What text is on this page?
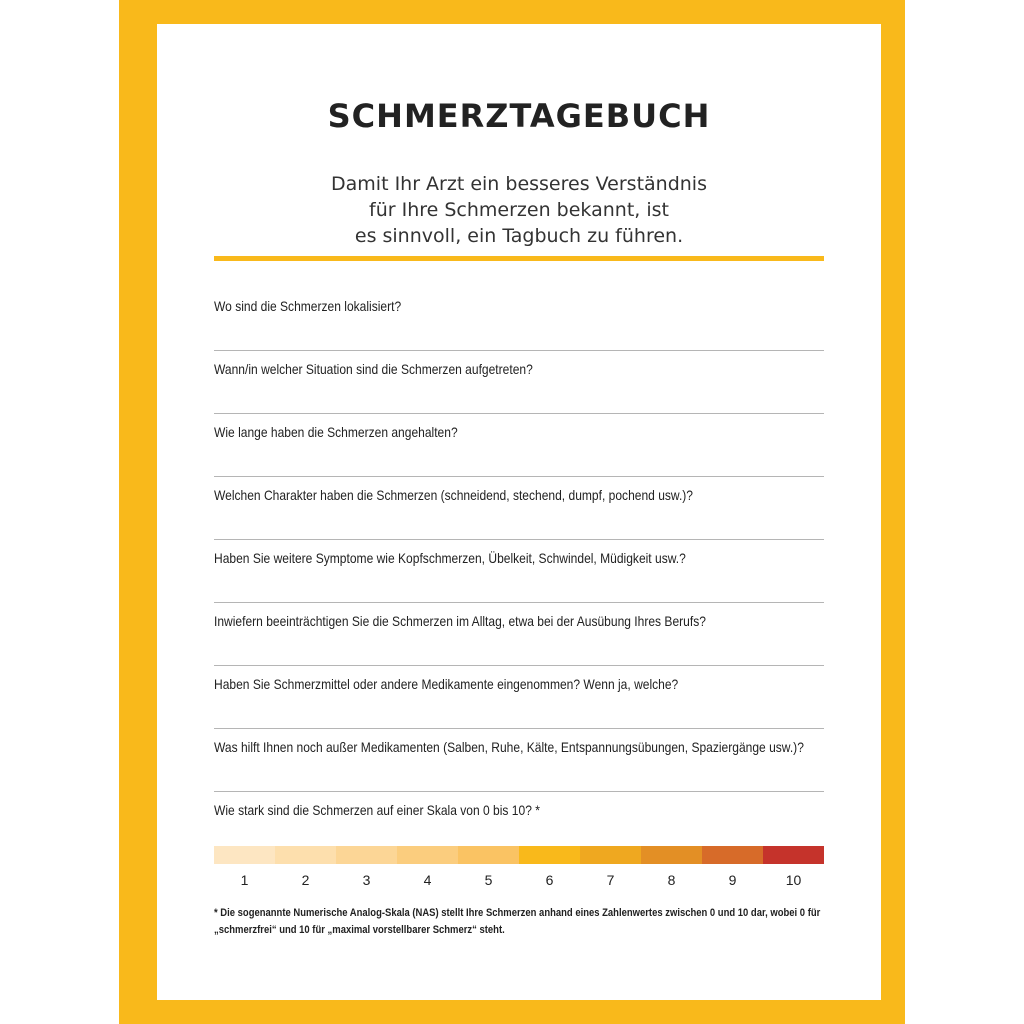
SCHMERZTAGEBUCH
Damit Ihr Arzt ein besseres Verständnis
für Ihre Schmerzen bekannt, ist
es sinnvoll, ein Tagbuch zu führen.
Wo sind die Schmerzen lokalisiert?
Wann/in welcher Situation sind die Schmerzen aufgetreten?
Wie lange haben die Schmerzen angehalten?
Welchen Charakter haben die Schmerzen (schneidend, stechend, dumpf, pochend usw.)?
Haben Sie weitere Symptome wie Kopfschmerzen, Übelkeit, Schwindel, Müdigkeit usw.?
Inwiefern beeinträchtigen Sie die Schmerzen im Alltag, etwa bei der Ausübung Ihres Berufs?
Haben Sie Schmerzmittel oder andere Medikamente eingenommen? Wenn ja, welche?
Was hilft Ihnen noch außer Medikamenten (Salben, Ruhe, Kälte, Entspannungsübungen, Spaziergänge usw.)?
Wie stark sind die Schmerzen auf einer Skala von 0 bis 10? *
1	2	3	4	5	6	7	8	9	10
* Die sogenannte Numerische Analog-Skala (NAS) stellt Ihre Schmerzen anhand eines Zahlenwertes zwischen 0 und 10 dar, wobei 0 für „schmerzfrei“ und 10 für „maximal vorstellbarer Schmerz“ steht.
